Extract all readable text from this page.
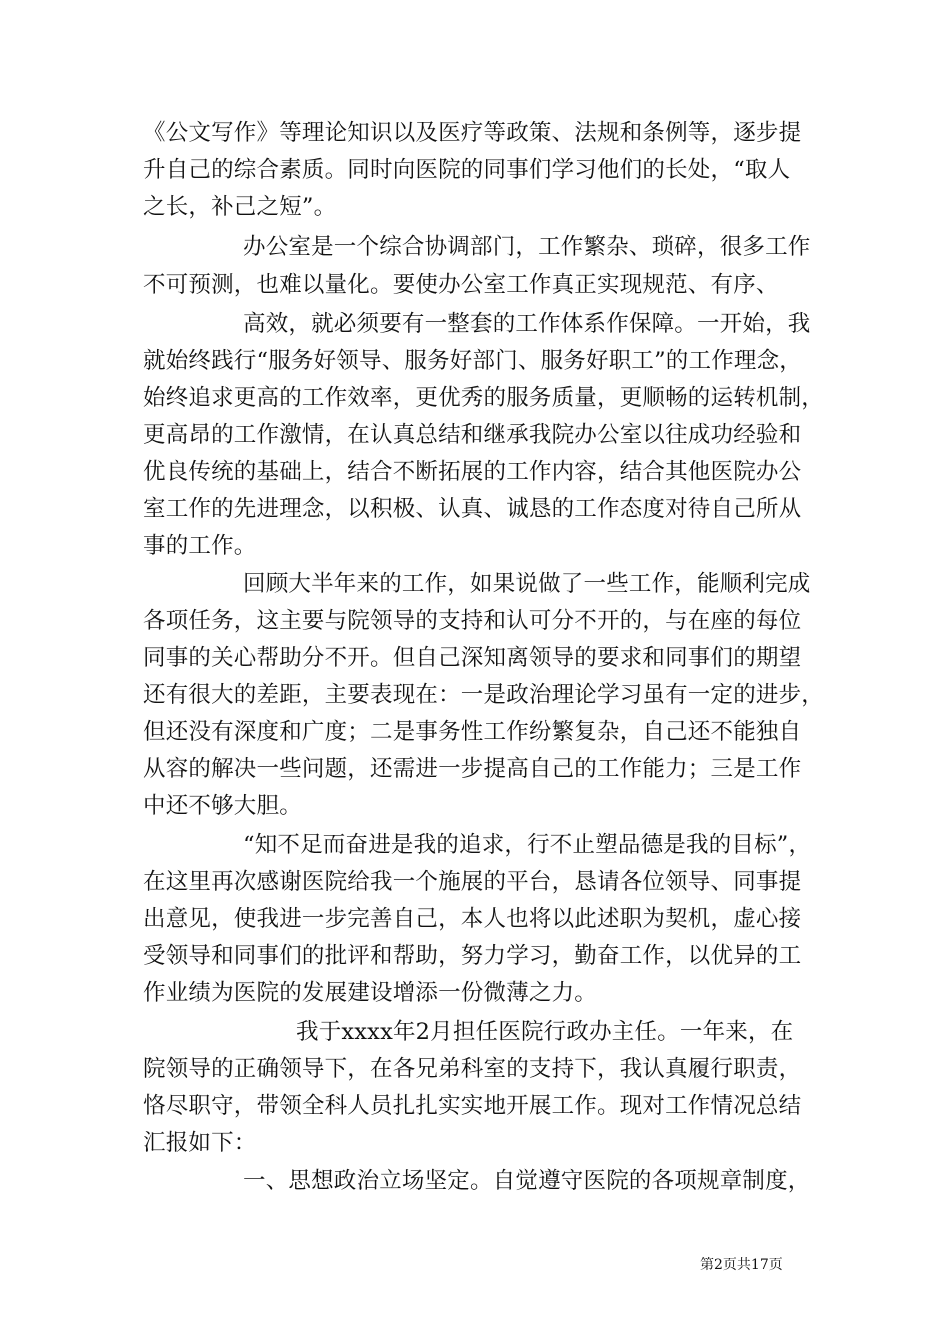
《公文写作》等理论知识以及医疗等政策、法规和条例等，逐步提
升自己的综合素质。同时向医院的同事们学习他们的长处，“取人
之长，补己之短”。
办公室是一个综合协调部门，工作繁杂、琐碎，很多工作
不可预测，也难以量化。要使办公室工作真正实现规范、有序、
高效，就必须要有一整套的工作体系作保障。一开始，我
就始终践行“服务好领导、服务好部门、服务好职工”的工作理念，
始终追求更高的工作效率，更优秀的服务质量，更顺畅的运转机制，
更高昂的工作激情，在认真总结和继承我院办公室以往成功经验和
优良传统的基础上，结合不断拓展的工作内容，结合其他医院办公
室工作的先进理念，以积极、认真、诚恳的工作态度对待自己所从
事的工作。
回顾大半年来的工作，如果说做了一些工作，能顺利完成
各项任务，这主要与院领导的支持和认可分不开的，与在座的每位
同事的关心帮助分不开。但自己深知离领导的要求和同事们的期望
还有很大的差距，主要表现在：一是政治理论学习虽有一定的进步，
但还没有深度和广度；二是事务性工作纷繁复杂，自己还不能独自
从容的解决一些问题，还需进一步提高自己的工作能力；三是工作
中还不够大胆。
“知不足而奋进是我的追求，行不止塑品德是我的目标”，
在这里再次感谢医院给我一个施展的平台，恳请各位领导、同事提
出意见，使我进一步完善自己，本人也将以此述职为契机，虚心接
受领导和同事们的批评和帮助，努力学习，勤奋工作，以优异的工
作业绩为医院的发展建设增添一份微薄之力。
我于xxxx年2月担任医院行政办主任。一年来，在
院领导的正确领导下，在各兄弟科室的支持下，我认真履行职责，
恪尽职守，带领全科人员扎扎实实地开展工作。现对工作情况总结
汇报如下：
一、思想政治立场坚定。自觉遵守医院的各项规章制度，
第2页共17页
